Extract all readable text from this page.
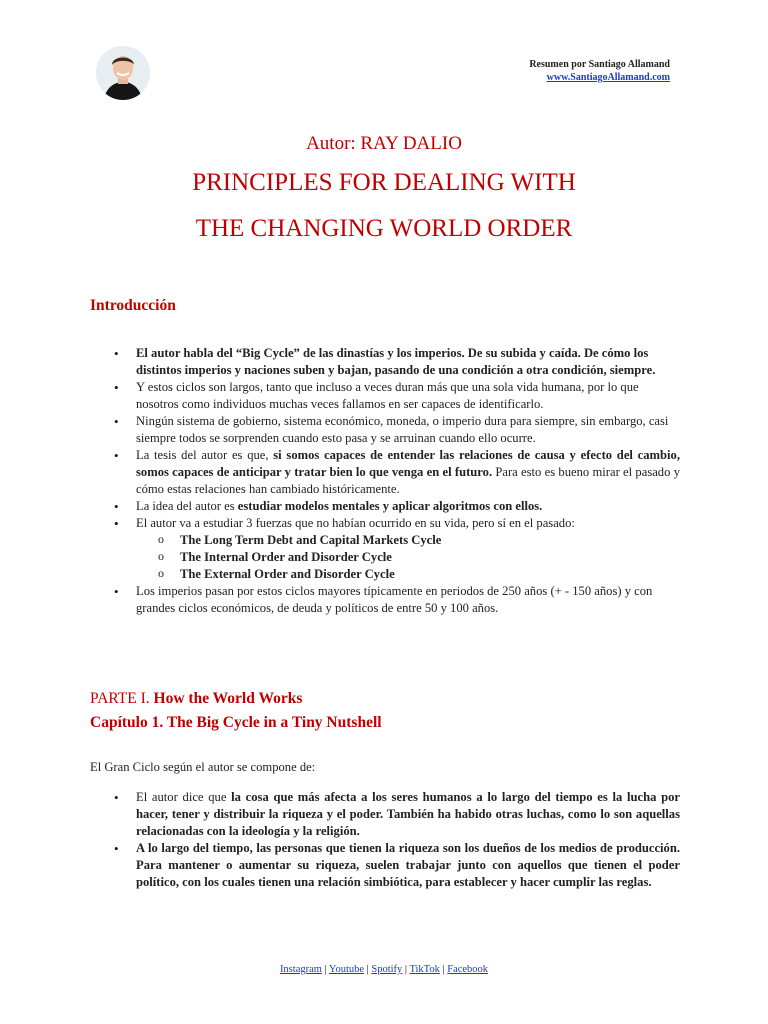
Resumen por Santiago Allamand
www.SantiagoAllamand.com
Autor: RAY DALIO
PRINCIPLES FOR DEALING WITH
THE CHANGING WORLD ORDER
Introducción
• El autor habla del “Big Cycle” de las dinastías y los imperios. De su subida y caída. De cómo los distintos imperios y naciones suben y bajan, pasando de una condición a otra condición, siempre.
• Y estos ciclos son largos, tanto que incluso a veces duran más que una sola vida humana, por lo que nosotros como individuos muchas veces fallamos en ser capaces de identificarlo.
• Ningún sistema de gobierno, sistema económico, moneda, o imperio dura para siempre, sin embargo, casi siempre todos se sorprenden cuando esto pasa y se arruinan cuando ello ocurre.
• La tesis del autor es que, si somos capaces de entender las relaciones de causa y efecto del cambio, somos capaces de anticipar y tratar bien lo que venga en el futuro. Para esto es bueno mirar el pasado y cómo estas relaciones han cambiado históricamente.
• La idea del autor es estudiar modelos mentales y aplicar algoritmos con ellos.
• El autor va a estudiar 3 fuerzas que no habían ocurrido en su vida, pero sí en el pasado:
o The Long Term Debt and Capital Markets Cycle
o The Internal Order and Disorder Cycle
o The External Order and Disorder Cycle
• Los imperios pasan por estos ciclos mayores típicamente en periodos de 250 años (+ - 150 años) y con grandes ciclos económicos, de deuda y políticos de entre 50 y 100 años.
PARTE I. How the World Works
Capítulo 1. The Big Cycle in a Tiny Nutshell
El Gran Ciclo según el autor se compone de:
• El autor dice que la cosa que más afecta a los seres humanos a lo largo del tiempo es la lucha por hacer, tener y distribuir la riqueza y el poder. También ha habido otras luchas, como lo son aquellas relacionadas con la ideología y la religión.
• A lo largo del tiempo, las personas que tienen la riqueza son los dueños de los medios de producción. Para mantener o aumentar su riqueza, suelen trabajar junto con aquellos que tienen el poder político, con los cuales tienen una relación simbiótica, para establecer y hacer cumplir las reglas.
Instagram | Youtube | Spotify | TikTok | Facebook
